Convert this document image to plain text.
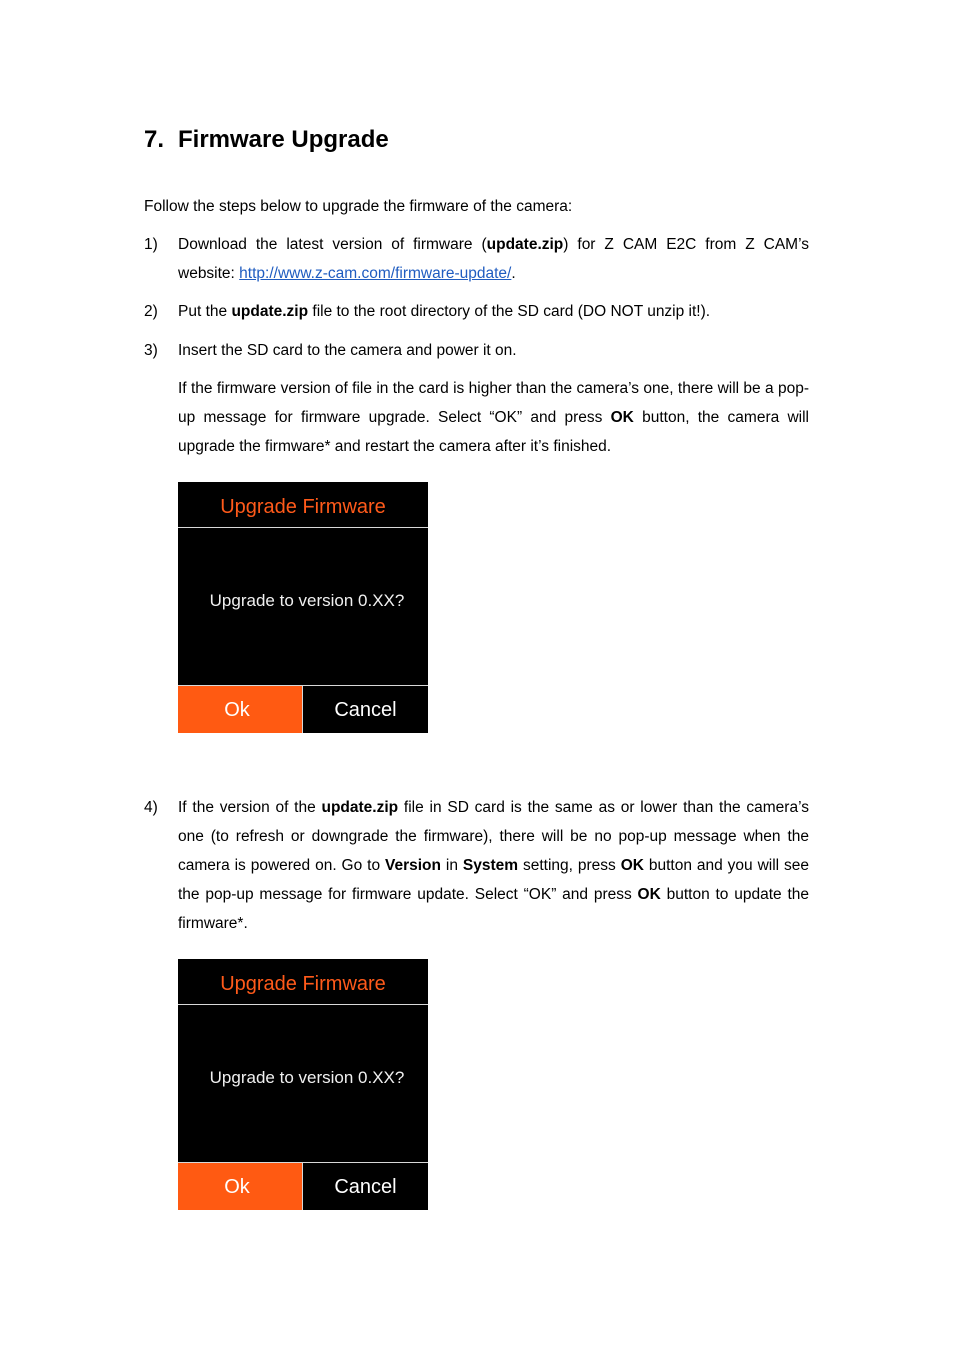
7. Firmware Upgrade
Follow the steps below to upgrade the firmware of the camera:
1) Download the latest version of firmware (update.zip) for Z CAM E2C from Z CAM’s website: http://www.z-cam.com/firmware-update/.
2) Put the update.zip file to the root directory of the SD card (DO NOT unzip it!).
3) Insert the SD card to the camera and power it on.
If the firmware version of file in the card is higher than the camera’s one, there will be a pop-up message for firmware upgrade. Select “OK” and press OK button, the camera will upgrade the firmware* and restart the camera after it’s finished.
Upgrade Firmware
Upgrade to version 0.XX?
Ok	Cancel
4) If the version of the update.zip file in SD card is the same as or lower than the camera’s one (to refresh or downgrade the firmware), there will be no pop-up message when the camera is powered on. Go to Version in System setting, press OK button and you will see the pop-up message for firmware update. Select “OK” and press OK button to update the firmware*.
Upgrade Firmware
Upgrade to version 0.XX?
Ok	Cancel
